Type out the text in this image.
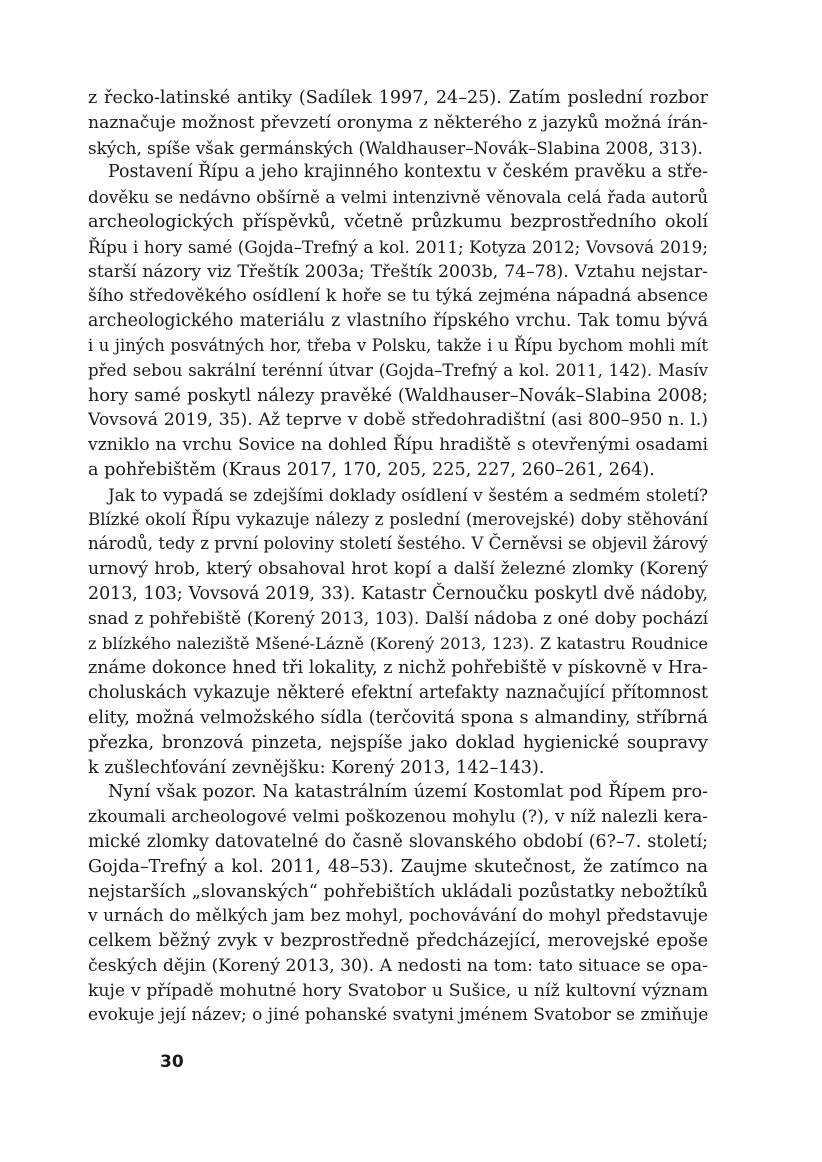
z řecko-latinské antiky (Sadílek 1997, 24–25). Zatím poslední rozbor
naznačuje možnost převzetí oronyma z některého z jazyků možná írán-
ských, spíše však germánských (Waldhauser–Novák–Slabina 2008, 313).
Postavení Řípu a jeho krajinného kontextu v českém pravěku a stře-
dověku se nedávno obšírně a velmi intenzivně věnovala celá řada autorů
archeologických příspěvků, včetně průzkumu bezprostředního okolí
Řípu i hory samé (Gojda–Trefný a kol. 2011; Kotyza 2012; Vovsová 2019;
starší názory viz Třeštík 2003a; Třeštík 2003b, 74–78). Vztahu nejstar-
šího středověkého osídlení k hoře se tu týká zejména nápadná absence
archeologického materiálu z vlastního řípského vrchu. Tak tomu bývá
i u jiných posvátných hor, třeba v Polsku, takže i u Řípu bychom mohli mít
před sebou sakrální terénní útvar (Gojda–Trefný a kol. 2011, 142). Masív
hory samé poskytl nálezy pravěké (Waldhauser–Novák–Slabina 2008;
Vovsová 2019, 35). Až teprve v době středohradištní (asi 800–950 n. l.)
vzniklo na vrchu Sovice na dohled Řípu hradiště s otevřenými osadami
a pohřebištěm (Kraus 2017, 170, 205, 225, 227, 260–261, 264).
Jak to vypadá se zdejšími doklady osídlení v šestém a sedmém století?
Blízké okolí Řípu vykazuje nálezy z poslední (merovejské) doby stěhování
národů, tedy z první poloviny století šestého. V Černěvsi se objevil žárový
urnový hrob, který obsahoval hrot kopí a další železné zlomky (Korený
2013, 103; Vovsová 2019, 33). Katastr Černoučku poskytl dvě nádoby,
snad z pohřebiště (Korený 2013, 103). Další nádoba z oné doby pochází
z blízkého naleziště Mšené-Lázně (Korený 2013, 123). Z katastru Roudnice
známe dokonce hned tři lokality, z nichž pohřebiště v pískovně v Hra-
choluskách vykazuje některé efektní artefakty naznačující přítomnost
elity, možná velmožského sídla (terčovitá spona s almandiny, stříbrná
přezka, bronzová pinzeta, nejspíše jako doklad hygienické soupravy
k zušlechťování zevnějšku: Korený 2013, 142–143).
Nyní však pozor. Na katastrálním území Kostomlat pod Řípem pro-
zkoumali archeologové velmi poškozenou mohylu (?), v níž nalezli kera-
mické zlomky datovatelné do časně slovanského období (6?–7. století;
Gojda–Trefný a kol. 2011, 48–53). Zaujme skutečnost, že zatímco na
nejstarších „slovanských“ pohřebištích ukládali pozůstatky nebožtíků
v urnách do mělkých jam bez mohyl, pochovávání do mohyl představuje
celkem běžný zvyk v bezprostředně předcházející, merovejské epoše
českých dějin (Korený 2013, 30). A nedosti na tom: tato situace se opa-
kuje v případě mohutné hory Svatobor u Sušice, u níž kultovní význam
evokuje její název; o jiné pohanské svatyni jménem Svatobor se zmiňuje
30
